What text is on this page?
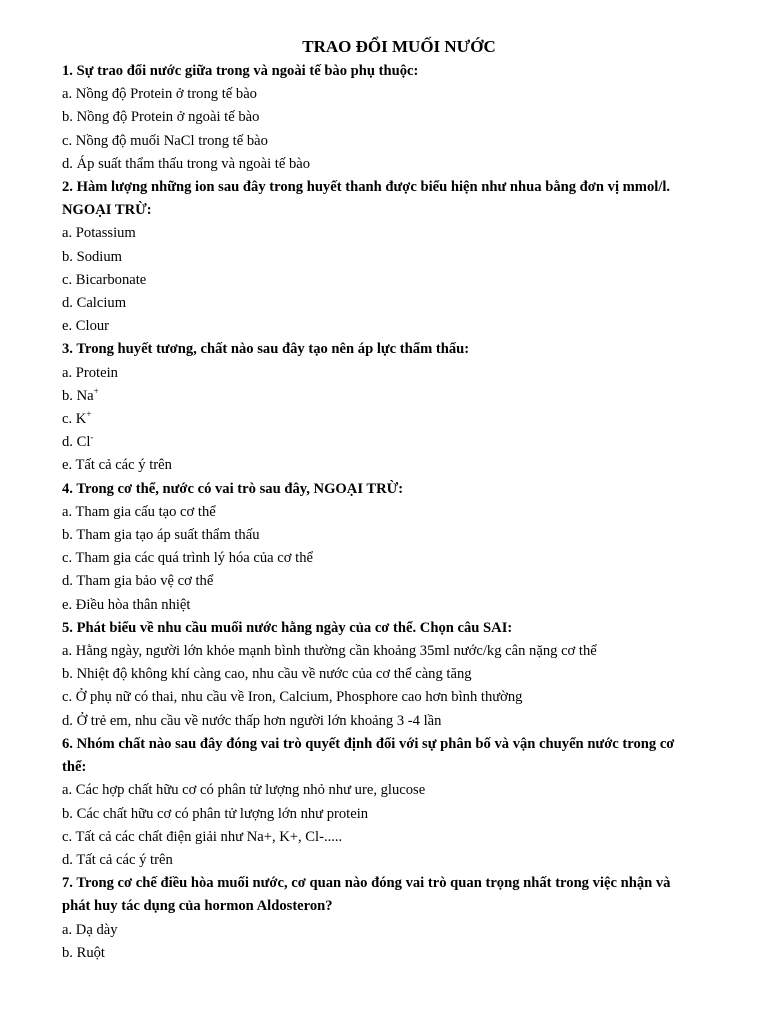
TRAO ĐỔI MUỐI NƯỚC
1. Sự trao đổi nước giữa trong và ngoài tế bào phụ thuộc:
a. Nồng độ Protein ở trong tế bào
b. Nồng độ Protein ở ngoài tế bào
c. Nồng độ muối NaCl trong tế bào
d. Áp suất thẩm thấu trong và ngoài tế bào
2. Hàm lượng những ion sau đây trong huyết thanh được biểu hiện như nhua bằng đơn vị mmol/l.
NGOẠI TRỪ:
a. Potassium
b. Sodium
c. Bicarbonate
d. Calcium
e. Clour
3. Trong huyết tương, chất nào sau đây tạo nên áp lực thẩm thấu:
a. Protein
b. Na+
c. K+
d. Cl-
e. Tất cả các ý trên
4. Trong cơ thể, nước có vai trò sau đây, NGOẠI TRỪ:
a. Tham gia cấu tạo cơ thể
b. Tham gia tạo áp suất thẩm thấu
c. Tham gia các quá trình lý hóa của cơ thể
d. Tham gia bảo vệ cơ thể
e. Điều hòa thân nhiệt
5. Phát biểu về nhu cầu muối nước hằng ngày của cơ thể. Chọn câu SAI:
a. Hằng ngày, người lớn khỏe mạnh bình thường cần khoảng 35ml nước/kg cân nặng cơ thể
b. Nhiệt độ không khí càng cao, nhu cầu về nước của cơ thể càng tăng
c. Ở phụ nữ có thai, nhu cầu về Iron, Calcium, Phosphore cao hơn bình thường
d. Ở trẻ em, nhu cầu về nước thấp hơn người lớn khoảng 3 -4 lần
6. Nhóm chất nào sau đây đóng vai trò quyết định đối với sự phân bố và vận chuyển nước trong cơ
thể:
a. Các hợp chất hữu cơ có phân tử lượng nhỏ như ure, glucose
b. Các chất hữu cơ có phân tử lượng lớn như protein
c. Tất cả các chất điện giải như Na+, K+, Cl-.....
d. Tất cả các ý trên
7. Trong cơ chế điều hòa muối nước, cơ quan nào đóng vai trò quan trọng nhất trong việc nhận và
phát huy tác dụng của hormon Aldosteron?
a. Dạ dày
b. Ruột
